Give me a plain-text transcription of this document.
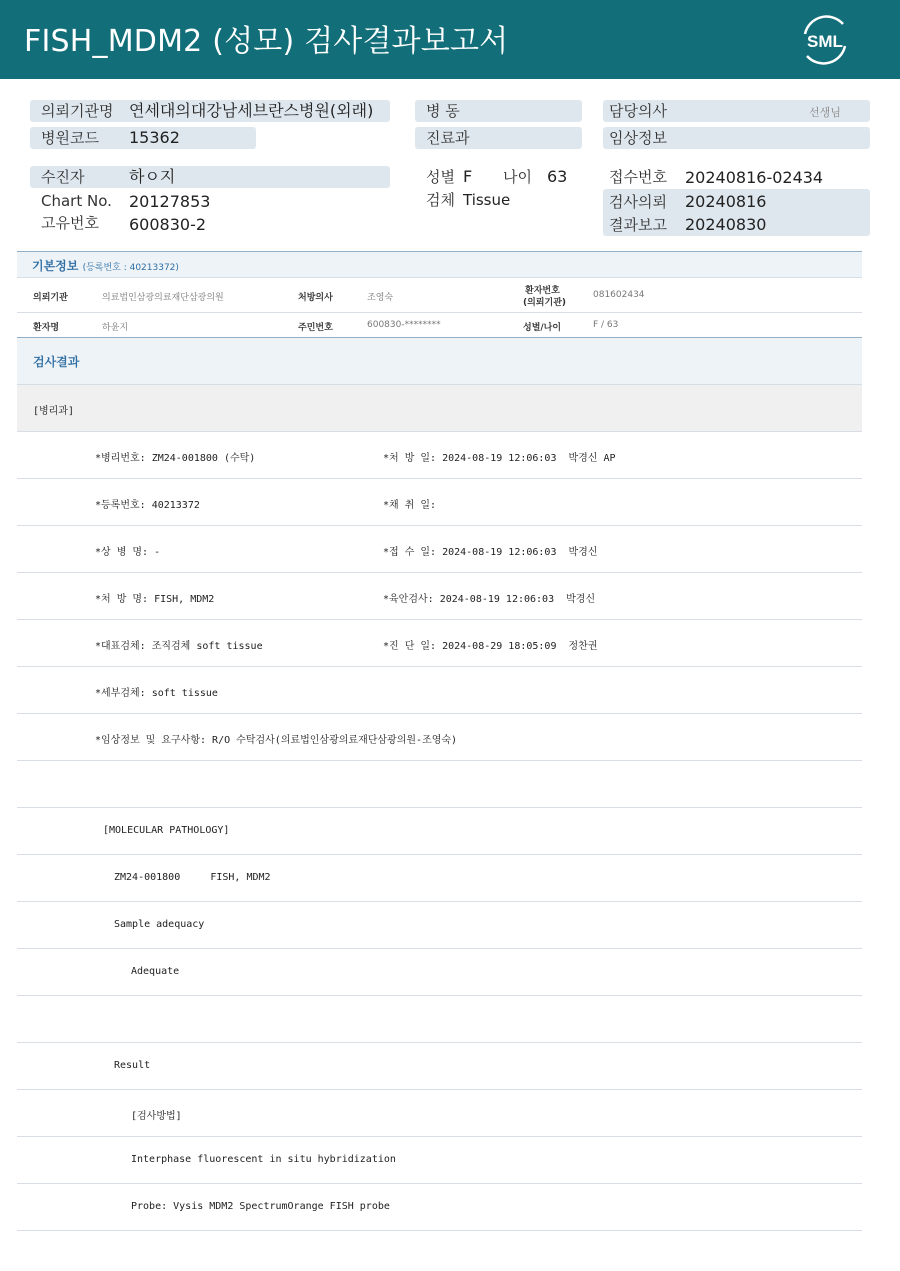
FISH_MDM2 (성모) 검사결과보고서	SML
의뢰기관명 연세대의대강남세브란스병원(외래)
병원코드 15362
병 동
진료과
담당의사	선생님
임상정보
수진자	하ㅇ지
Chart No. 20127853
고유번호 600830-2
성별 F 나이 63
검체 Tissue
접수번호 20240816-02434
검사의뢰 20240816
결과보고 20240830
기본정보 (등록번호 : 40213372)
의뢰기관	의료법인삼광의료재단삼광의원	처방의사	조영숙
환자번호
(의뢰기관)
081602434
환자명	하윤지	주민번호	600830-********	성별/나이	F / 63
검사결과
[병리과]
*병리번호: ZM24-001800 (수탁)	*처 방 일: 2024-08-19 12:06:03  박경신 AP
*등록번호: 40213372	*채 취 일:
*상 병 명: -	*접 수 일: 2024-08-19 12:06:03  박경신
*처 방 명: FISH, MDM2	*육안검사: 2024-08-19 12:06:03  박경신
*대표검체: 조직검체 soft tissue	*진 단 일: 2024-08-29 18:05:09  정찬권
*세부검체: soft tissue
*임상정보 및 요구사항: R/O 수탁검사(의료법인삼광의료재단삼광의원-조영숙)
[MOLECULAR PATHOLOGY]
ZM24-001800     FISH, MDM2
Sample adequacy
Adequate
Result
[검사방법]
Interphase fluorescent in situ hybridization
Probe: Vysis MDM2 SpectrumOrange FISH probe
